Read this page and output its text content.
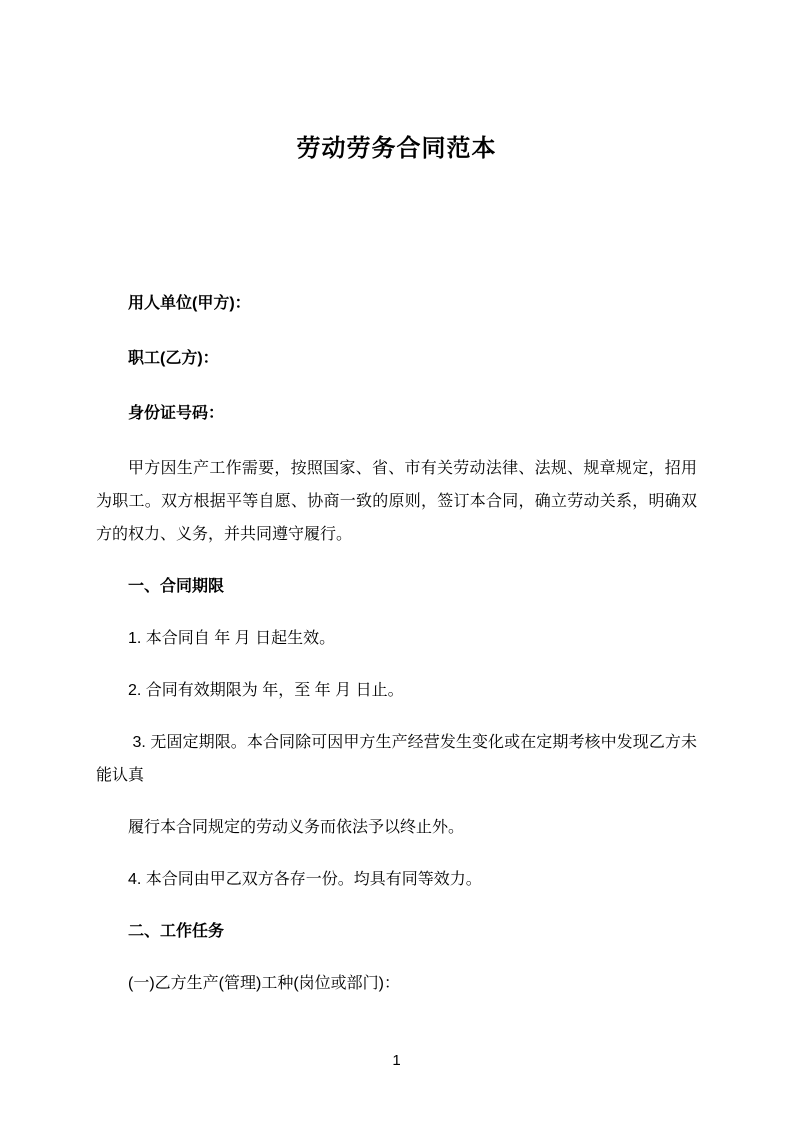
劳动劳务合同范本

用人单位(甲方)：

职工(乙方)：

身份证号码：

甲方因生产工作需要，按照国家、省、市有关劳动法律、法规、规章规定，招用 为职工。双方根据平等自愿、协商一致的原则，签订本合同，确立劳动关系，明确双方的权力、义务，并共同遵守履行。

一、合同期限

1. 本合同自 年 月 日起生效。

2. 合同有效期限为 年，至 年 月 日止。

3. 无固定期限。本合同除可因甲方生产经营发生变化或在定期考核中发现乙方未能认真

履行本合同规定的劳动义务而依法予以终止外。

4. 本合同由甲乙双方各存一份。均具有同等效力。

二、工作任务

(一)乙方生产(管理)工种(岗位或部门)：

1
